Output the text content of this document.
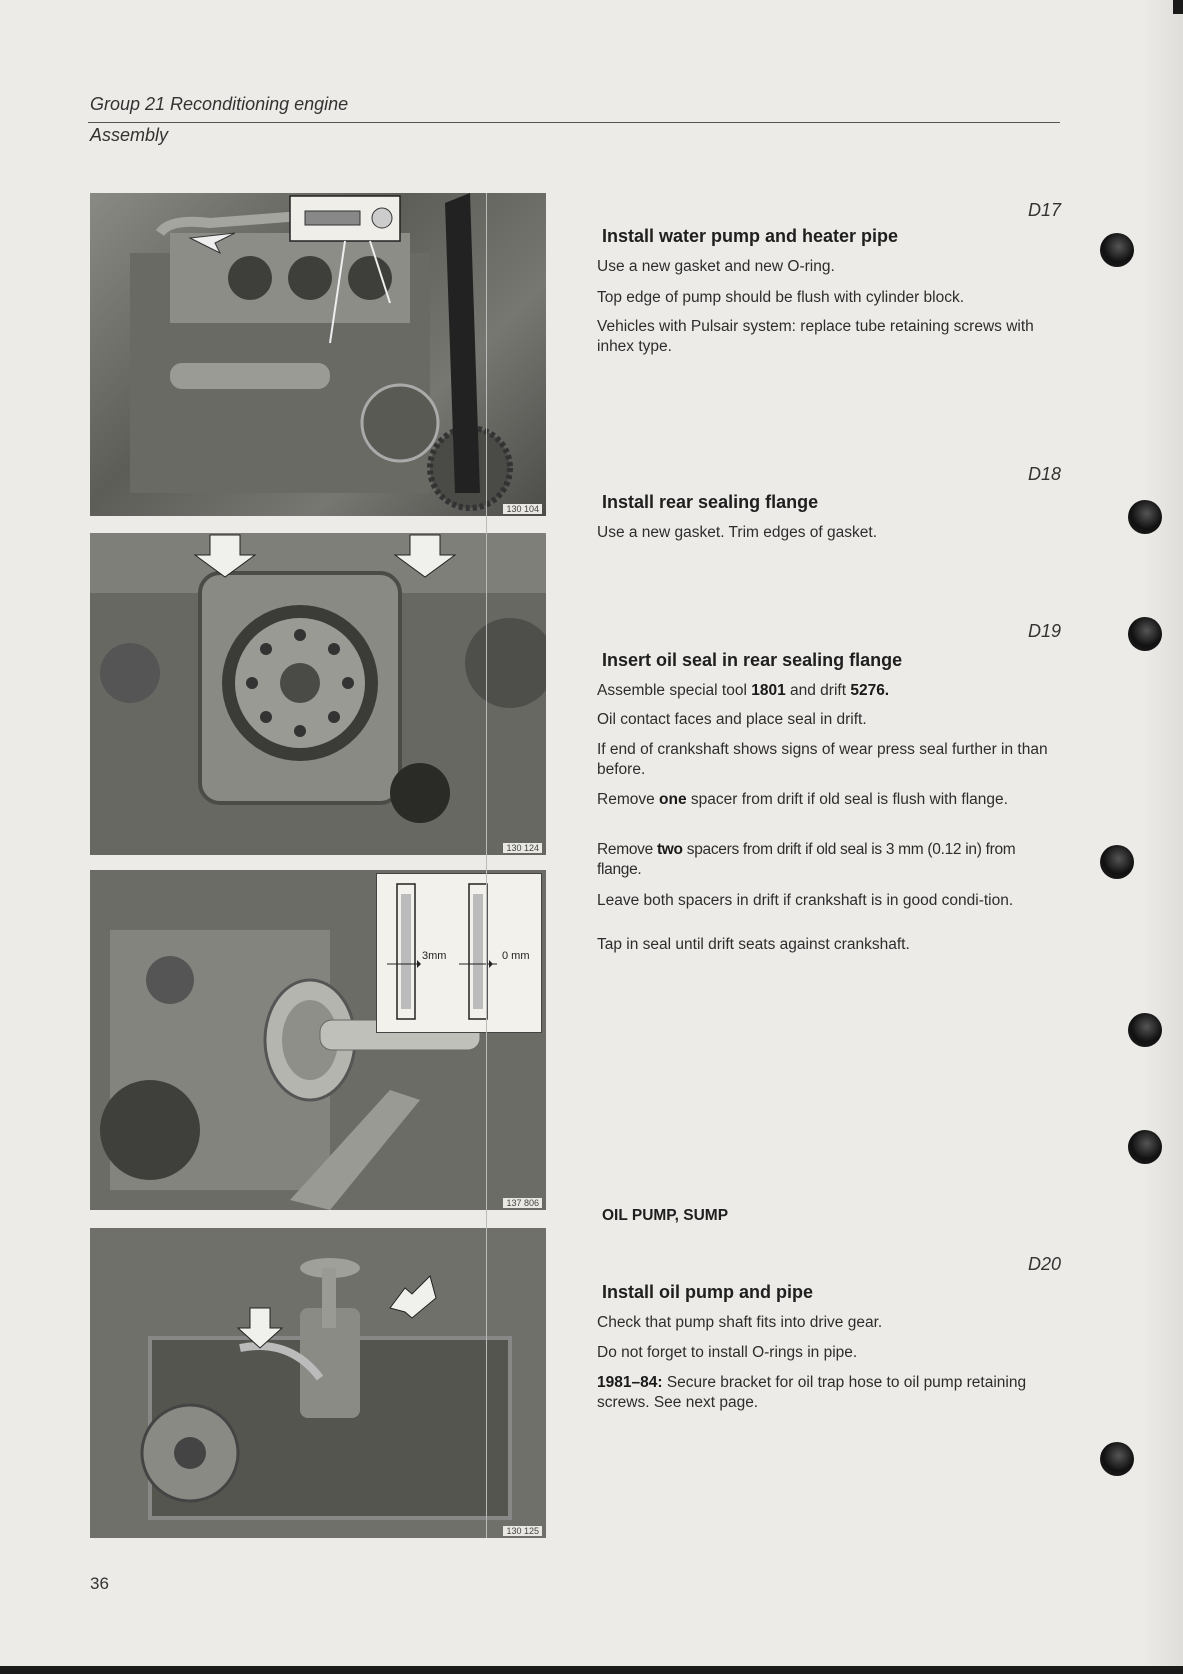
Group 21 Reconditioning engine
Assembly
130 104
130 124
3mm	0 mm
137 806
130 125
D17
Install water pump and heater pipe
Use a new gasket and new O-ring.
Top edge of pump should be flush with cylinder block.
Vehicles with Pulsair system: replace tube retaining screws with inhex type.
D18
Install rear sealing flange
Use a new gasket. Trim edges of gasket.
D19
Insert oil seal in rear sealing flange
Assemble special tool 1801 and drift 5276.
Oil contact faces and place seal in drift.
If end of crankshaft shows signs of wear press seal further in than before.
Remove one spacer from drift if old seal is flush with flange.
Remove two spacers from drift if old seal is 3 mm (0.12 in) from flange.
Leave both spacers in drift if crankshaft is in good condi-tion.
Tap in seal until drift seats against crankshaft.
OIL PUMP, SUMP
D20
Install oil pump and pipe
Check that pump shaft fits into drive gear.
Do not forget to install O-rings in pipe.
1981–84: Secure bracket for oil trap hose to oil pump retaining screws. See next page.
36
